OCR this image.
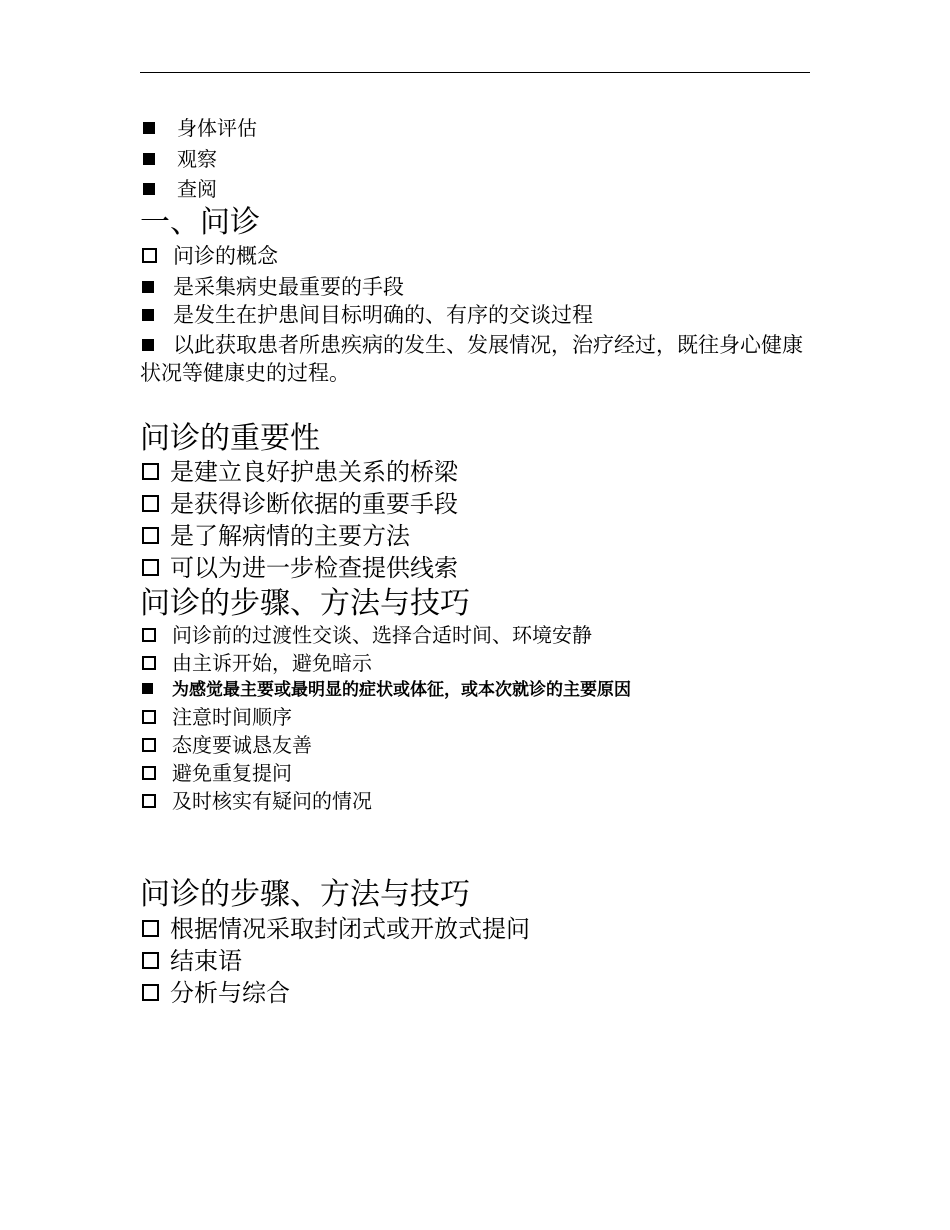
身体评估
观察
查阅
一、问诊
问诊的概念
是采集病史最重要的手段
是发生在护患间目标明确的、有序的交谈过程
以此获取患者所患疾病的发生、发展情况，治疗经过，既往身心健康状况等健康史的过程。
问诊的重要性
是建立良好护患关系的桥梁
是获得诊断依据的重要手段
是了解病情的主要方法
可以为进一步检查提供线索
问诊的步骤、方法与技巧
问诊前的过渡性交谈、选择合适时间、环境安静
由主诉开始，避免暗示
为感觉最主要或最明显的症状或体征，或本次就诊的主要原因
注意时间顺序
态度要诚恳友善
避免重复提问
及时核实有疑问的情况
问诊的步骤、方法与技巧
根据情况采取封闭式或开放式提问
结束语
分析与综合
